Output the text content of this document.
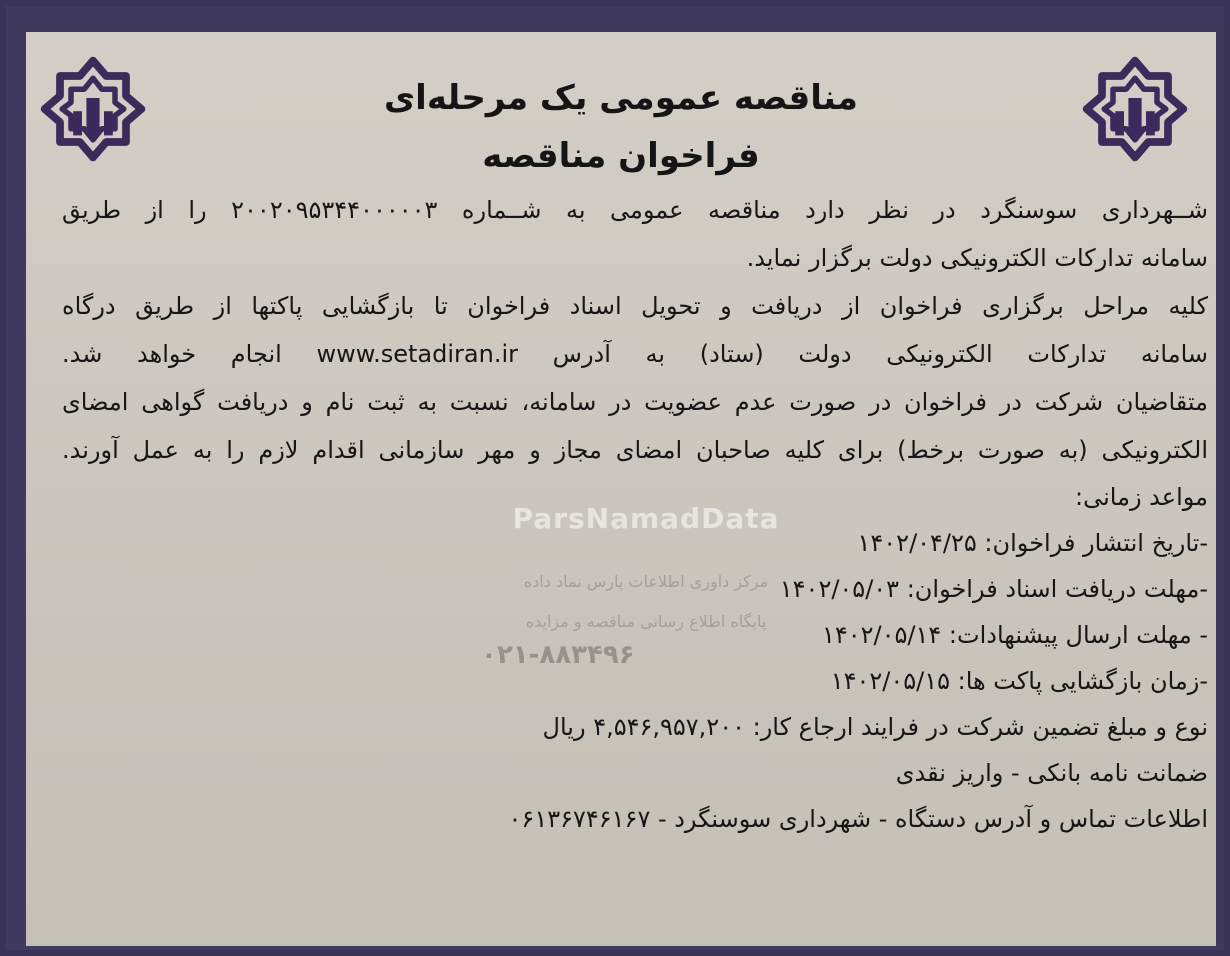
ParsNamadData
مرکز داوری اطلاعات پارس نماد داده
پایگاه اطلاع رسانی مناقصه و مزایده
۰۲۱-۸۸۳۴۹۶
مناقصه عمومی یک مرحله‌ای
فراخوان مناقصه
شــهرداری سوسنگرد در نظر دارد مناقصه عمومی به شــماره ۲۰۰۲۰۹۵۳۴۴۰۰۰۰۰۳ را از طریق
سامانه تدارکات الکترونیکی دولت برگزار نماید.
کلیه مراحل برگزاری فراخوان از دریافت و تحویل اسناد فراخوان تا بازگشایی پاکتها از طریق درگاه
سامانه تدارکات الکترونیکی دولت (ستاد) به آدرس www.setadiran.ir انجام خواهد شد.
متقاضیان شرکت در فراخوان در صورت عدم عضویت در سامانه، نسبت به ثبت نام و دریافت گواهی امضای
الکترونیکی (به صورت برخط) برای کلیه صاحبان امضای مجاز و مهر سازمانی اقدام لازم را به عمل آورند.
مواعد زمانی:
-تاریخ انتشار فراخوان: ۱۴۰۲/۰۴/۲۵
-مهلت دریافت اسناد فراخوان: ۱۴۰۲/۰۵/۰۳
- مهلت ارسال پیشنهادات: ۱۴۰۲/۰۵/۱۴
-زمان بازگشایی پاکت ها: ۱۴۰۲/۰۵/۱۵
نوع و مبلغ تضمین شرکت در فرایند ارجاع کار: ۴,۵۴۶,۹۵۷,۲۰۰ ریال
ضمانت نامه بانکی - واریز نقدی
اطلاعات تماس و آدرس دستگاه - شهرداری سوسنگرد - ۰۶۱۳۶۷۴۶۱۶۷
